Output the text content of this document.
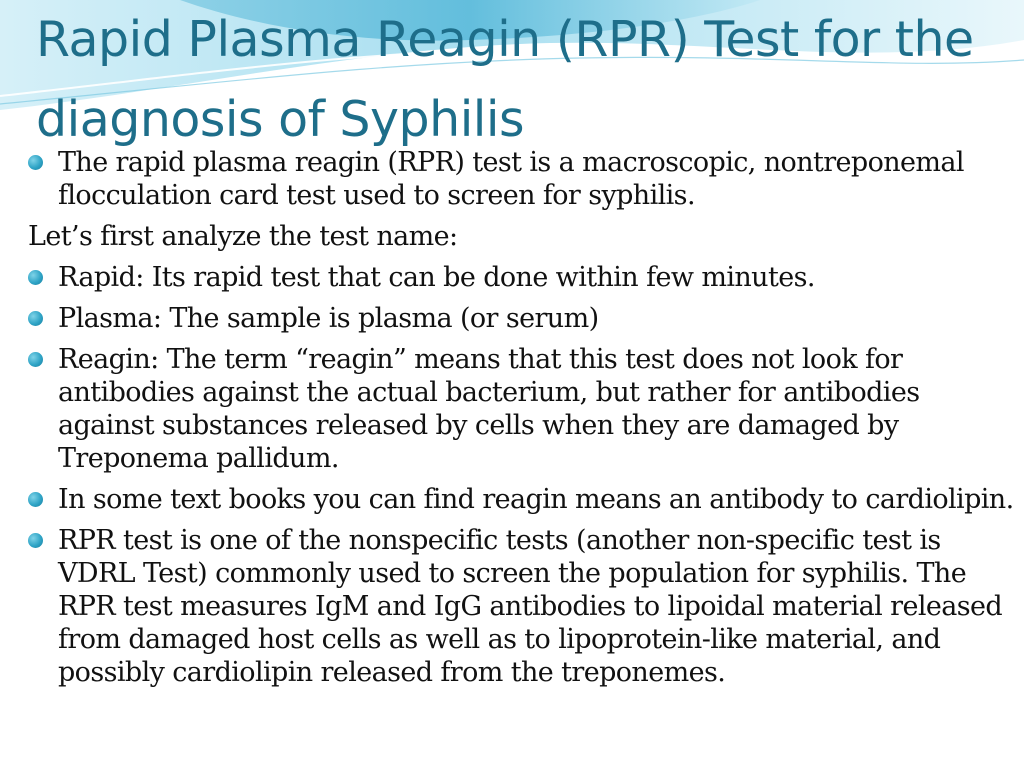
Rapid Plasma Reagin (RPR) Test for the diagnosis of Syphilis
The rapid plasma reagin (RPR) test is a macroscopic, nontreponemal flocculation card test used to screen for syphilis.
Let’s first analyze the test name:
Rapid: Its rapid test that can be done within few minutes.
Plasma: The sample is plasma (or serum)
Reagin: The term “reagin” means that this test does not look for antibodies against the actual bacterium, but rather for antibodies against substances released by cells when they are damaged by Treponema pallidum.
In some text books you can find reagin means an antibody to cardiolipin.
RPR test is one of the nonspecific tests (another non-specific test is VDRL Test) commonly used to screen the population for syphilis. The RPR test measures IgM and IgG antibodies to lipoidal material released from damaged host cells as well as to lipoprotein-like material, and possibly cardiolipin released from the treponemes.
